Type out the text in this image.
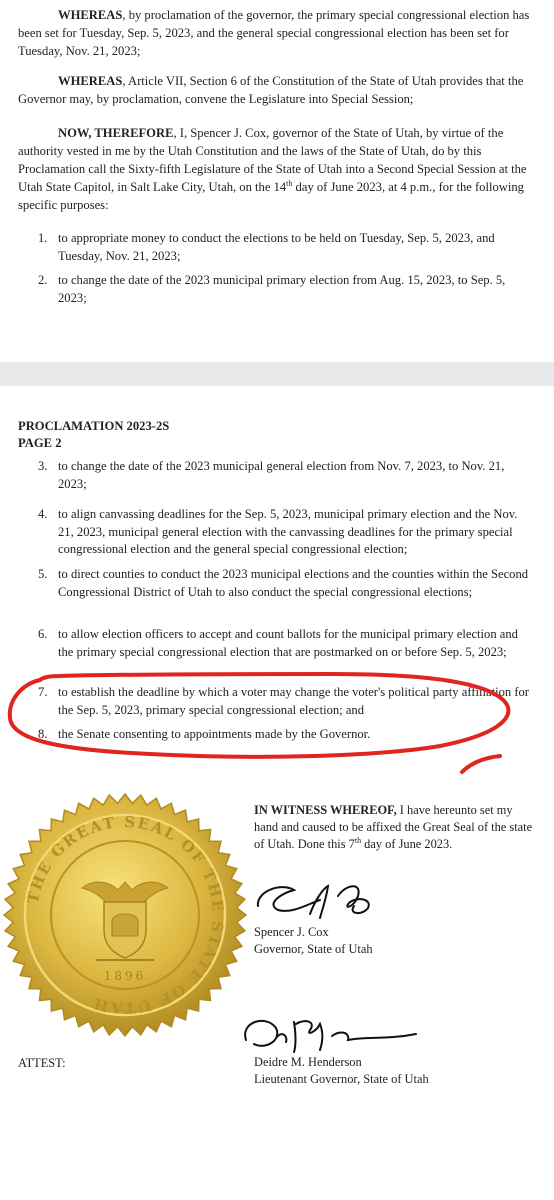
WHEREAS, by proclamation of the governor, the primary special congressional election has been set for Tuesday, Sep. 5, 2023, and the general special congressional election has been set for Tuesday, Nov. 21, 2023;

WHEREAS, Article VII, Section 6 of the Constitution of the State of Utah provides that the Governor may, by proclamation, convene the Legislature into Special Session;

NOW, THEREFORE, I, Spencer J. Cox, governor of the State of Utah, by virtue of the authority vested in me by the Utah Constitution and the laws of the State of Utah, do by this Proclamation call the Sixty-fifth Legislature of the State of Utah into a Second Special Session at the Utah State Capitol, in Salt Lake City, Utah, on the 14th day of June 2023, at 4 p.m., for the following specific purposes:

1. to appropriate money to conduct the elections to be held on Tuesday, Sep. 5, 2023, and Tuesday, Nov. 21, 2023;
2. to change the date of the 2023 municipal primary election from Aug. 15, 2023, to Sep. 5, 2023;

PROCLAMATION 2023-2S
PAGE 2

3. to change the date of the 2023 municipal general election from Nov. 7, 2023, to Nov. 21, 2023;
4. to align canvassing deadlines for the Sep. 5, 2023, municipal primary election and the Nov. 21, 2023, municipal general election with the canvassing deadlines for the primary special congressional election and the general special congressional election;
5. to direct counties to conduct the 2023 municipal elections and the counties within the Second Congressional District of Utah to also conduct the special congressional elections;
6. to allow election officers to accept and count ballots for the municipal primary election and the primary special congressional election that are postmarked on or before Sep. 5, 2023;
7. to establish the deadline by which a voter may change the voter's political party affiliation for the Sep. 5, 2023, primary special congressional election; and
8. the Senate consenting to appointments made by the Governor.
THE GREAT SEAL OF THE STATE OF UTAH
1896

IN WITNESS WHEREOF, I have hereunto set my hand and caused to be affixed the Great Seal of the state of Utah. Done this 7th day of June 2023.

Spencer J. Cox
Governor, State of Utah
ATTEST:	Deidre M. Henderson
Lieutenant Governor, State of Utah
